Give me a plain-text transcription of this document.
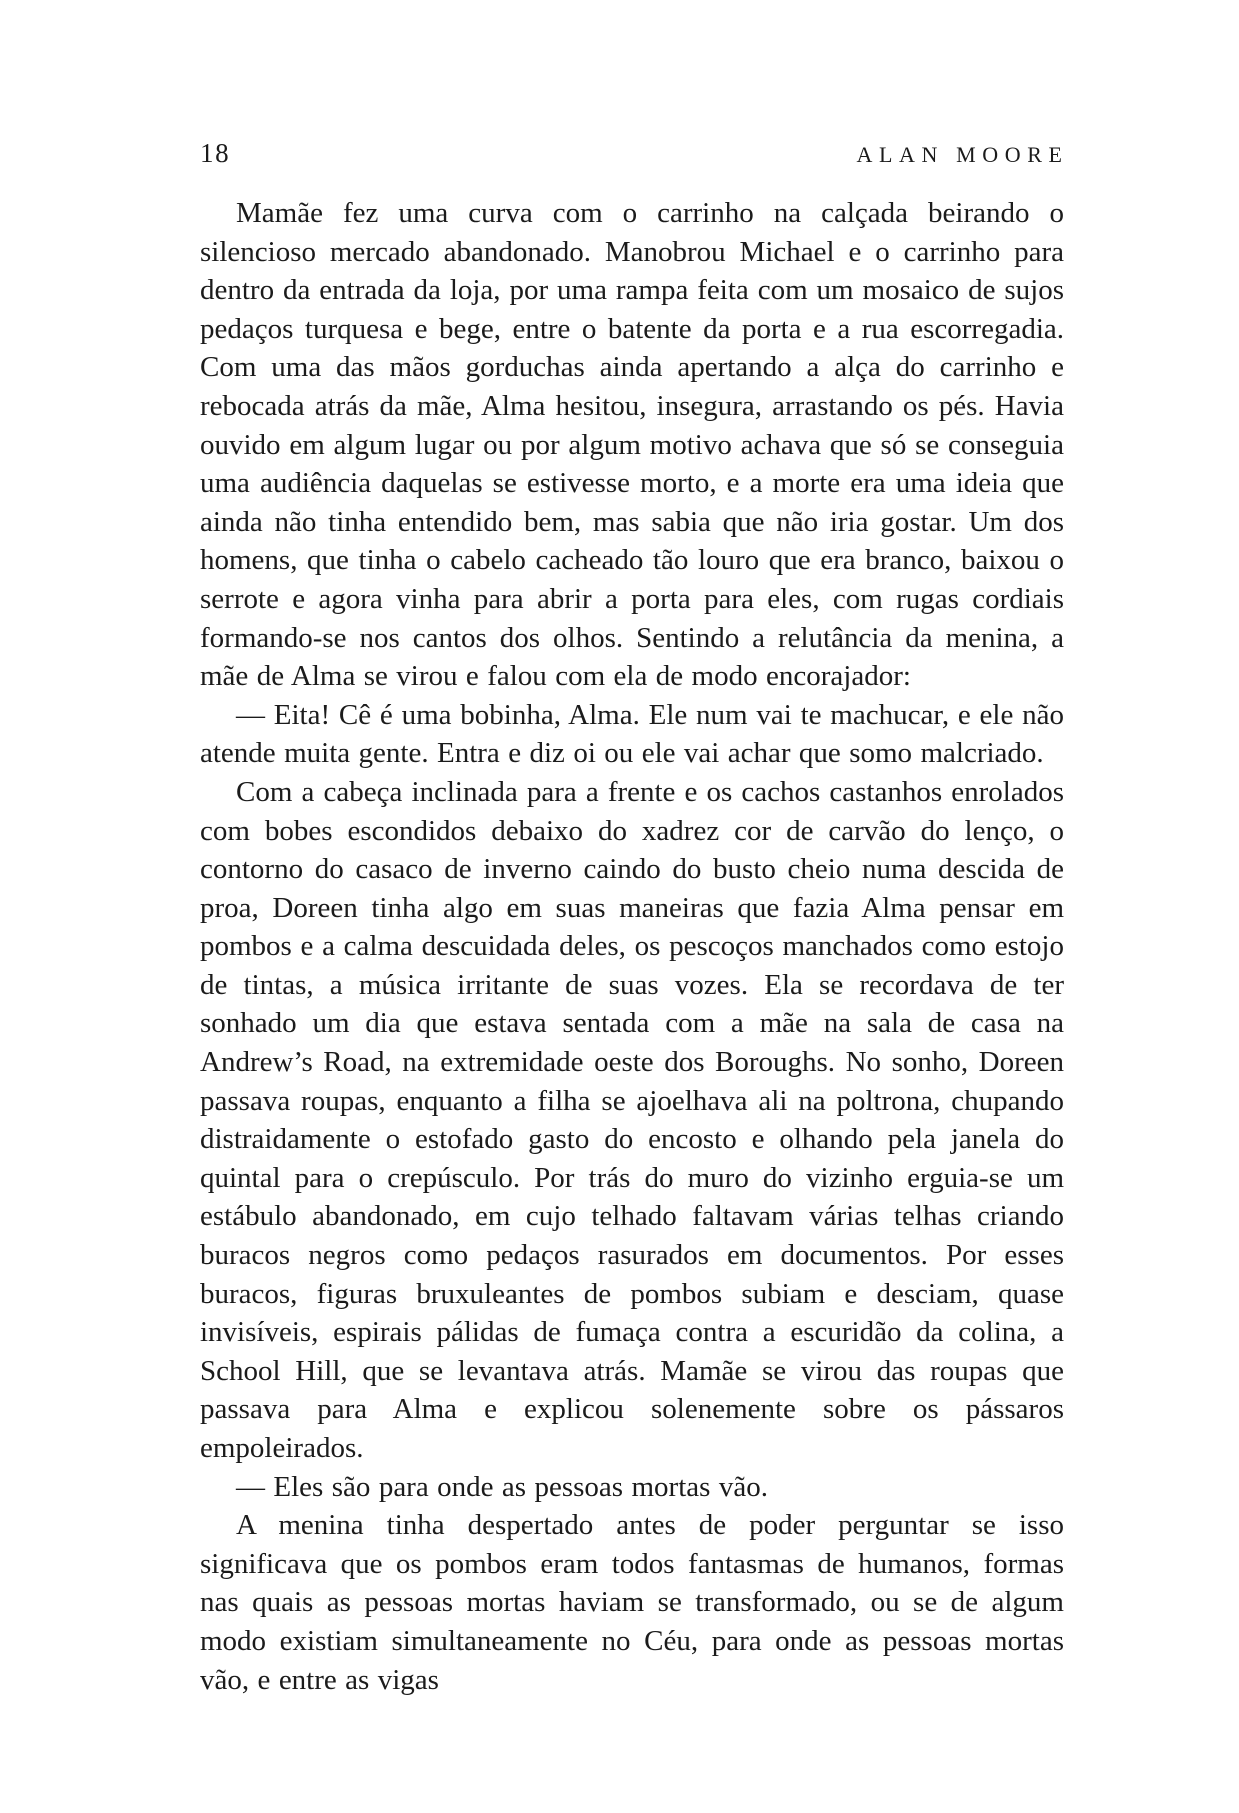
18	ALAN MOORE

Mamãe fez uma curva com o carrinho na calçada beirando o silencioso mercado abandonado. Manobrou Michael e o carrinho para dentro da entrada da loja, por uma rampa feita com um mosaico de sujos pedaços turquesa e bege, entre o batente da porta e a rua escorregadia. Com uma das mãos gorduchas ainda apertando a alça do carrinho e rebocada atrás da mãe, Alma hesitou, insegura, arrastando os pés. Havia ouvido em algum lugar ou por algum motivo achava que só se conseguia uma audiência daquelas se estivesse morto, e a morte era uma ideia que ainda não tinha entendido bem, mas sabia que não iria gostar. Um dos homens, que tinha o cabelo cacheado tão louro que era branco, baixou o serrote e agora vinha para abrir a porta para eles, com rugas cordiais formando-se nos cantos dos olhos. Sentindo a relutância da menina, a mãe de Alma se virou e falou com ela de modo encorajador:

— Eita! Cê é uma bobinha, Alma. Ele num vai te machucar, e ele não atende muita gente. Entra e diz oi ou ele vai achar que somo malcriado.

Com a cabeça inclinada para a frente e os cachos castanhos enrolados com bobes escondidos debaixo do xadrez cor de carvão do lenço, o contorno do casaco de inverno caindo do busto cheio numa descida de proa, Doreen tinha algo em suas maneiras que fazia Alma pensar em pombos e a calma descuidada deles, os pescoços manchados como estojo de tintas, a música irritante de suas vozes. Ela se recordava de ter sonhado um dia que estava sentada com a mãe na sala de casa na Andrew’s Road, na extremidade oeste dos Boroughs. No sonho, Doreen passava roupas, enquanto a filha se ajoelhava ali na poltrona, chupando distraidamente o estofado gasto do encosto e olhando pela janela do quintal para o crepúsculo. Por trás do muro do vizinho erguia-se um estábulo abandonado, em cujo telhado faltavam várias telhas criando buracos negros como pedaços rasurados em documentos. Por esses buracos, figuras bruxuleantes de pombos subiam e desciam, quase invisíveis, espirais pálidas de fumaça contra a escuridão da colina, a School Hill, que se levantava atrás. Mamãe se virou das roupas que passava para Alma e explicou solenemente sobre os pássaros empoleirados.

— Eles são para onde as pessoas mortas vão.

A menina tinha despertado antes de poder perguntar se isso significava que os pombos eram todos fantasmas de humanos, formas nas quais as pessoas mortas haviam se transformado, ou se de algum modo existiam simultaneamente no Céu, para onde as pessoas mortas vão, e entre as vigas
